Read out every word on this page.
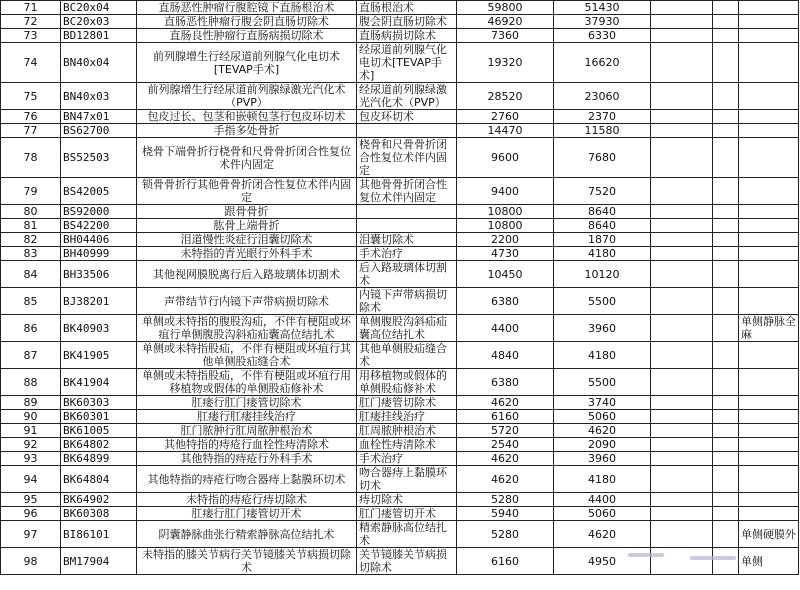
71	BC20x04	直肠恶性肿瘤行腹腔镜下直肠根治术	直肠根治术	59800	51430			
72	BC20x03	直肠恶性肿瘤行腹会阴直肠切除术	腹会阴直肠切除术	46920	37930			
73	BD12801	直肠良性肿瘤行直肠病损切除术	直肠病损切除术	7360	6330			
74	BN40x04	前列腺增生行经尿道前列腺气化电切术[TEVAP手术]	经尿道前列腺气化电切术[TEVAP手术]	19320	16620			
75	BN40x03	前列腺增生行经尿道前列腺绿激光汽化术（PVP）	经尿道前列腺绿激光汽化术（PVP）	28520	23060			
76	BN47x01	包皮过长、包茎和嵌顿包茎行包皮环切术	包皮环切术	2760	2370			
77	BS62700	手指多处骨折		14470	11580			
78	BS52503	桡骨下端骨折行桡骨和尺骨骨折闭合性复位术件内固定	桡骨和尺骨骨折闭合性复位术伴内固定	9600	7680			
79	BS42005	锁骨骨折行其他骨骨折闭合性复位术伴内固定	其他骨骨折闭合性复位术伴内固定	9400	7520			
80	BS92000	跟骨骨折		10800	8640			
81	BS42200	肱骨上端骨折		10800	8640			
82	BH04406	泪道慢性炎症行泪囊切除术	泪囊切除术	2200	1870			
83	BH40999	未特指的青光眼行外科手术	手术治疗	4730	4180			
84	BH33506	其他视网膜脱离行后入路玻璃体切割术	后入路玻璃体切割术	10450	10120			
85	BJ38201	声带结节行内镜下声带病损切除术	内镜下声带病损切除术	6380	5500			
86	BK40903	单侧或未特指的腹股沟疝，不伴有梗阻或坏疽行单侧腹股沟斜疝疝囊高位结扎术	单侧腹股沟斜疝疝囊高位结扎术	4400	3960			单侧静脉全麻
87	BK41905	单侧或未特指股疝，不伴有梗阻或坏疽行其他单侧股疝缝合术	其他单侧股疝缝合术	4840	4180			
88	BK41904	单侧或未特指股疝，不伴有梗阻或坏疽行用移植物或假体的单侧股疝修补术	用移植物或假体的单侧股疝修补术	6380	5500			
89	BK60303	肛瘘行肛门瘘管切除术	肛门瘘管切除术	4620	3740			
90	BK60301	肛瘘行肛瘘挂线治疗	肛瘘挂线治疗	6160	5060			
91	BK61005	肛门脓肿行肛周脓肿根治术	肛周脓肿根治术	5720	4620			
92	BK64802	其他特指的痔疮行血栓性痔清除术	血栓性痔清除术	2540	2090			
93	BK64899	其他特指的痔疮行外科手术	手术治疗	4620	3960			
94	BK64804	其他特指的痔疮行吻合器痔上黏膜环切术	吻合器痔上黏膜环切术	4620	4180			
95	BK64902	未特指的痔疮行痔切除术	痔切除术	5280	4400			
96	BK60308	肛瘘行肛门瘘管切开术	肛门瘘管切开术	5940	5060			
97	BI86101	阴囊静脉曲张行精索静脉高位结扎术	精索静脉高位结扎术	5280	4620			单侧硬膜外
98	BM17904	未特指的膝关节病行关节镜膝关节病损切除术	关节镜膝关节病损切除术	6160	4950			单侧
